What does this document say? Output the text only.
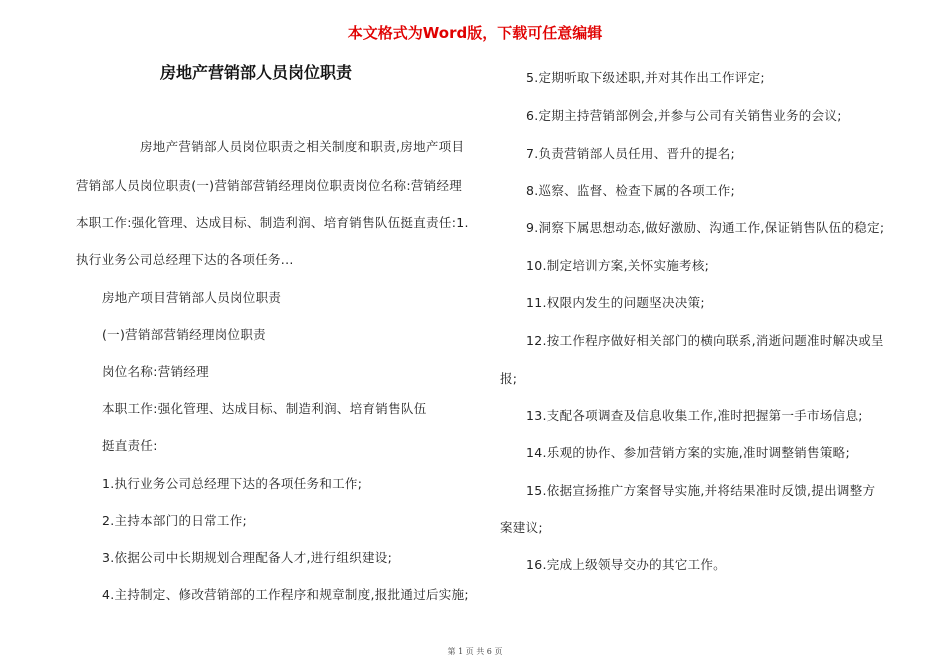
本文格式为Word版，下载可任意编辑
房地产营销部人员岗位职责
房地产营销部人员岗位职责之相关制度和职责,房地产项目
营销部人员岗位职责(一)营销部营销经理岗位职责岗位名称:营销经理
本职工作:强化管理、达成目标、制造利润、培育销售队伍挺直责任:1.
执行业务公司总经理下达的各项任务...
房地产项目营销部人员岗位职责
(一)营销部营销经理岗位职责
岗位名称:营销经理
本职工作:强化管理、达成目标、制造利润、培育销售队伍
挺直责任:
1.执行业务公司总经理下达的各项任务和工作;
2.主持本部门的日常工作;
3.依据公司中长期规划合理配备人才,进行组织建设;
4.主持制定、修改营销部的工作程序和规章制度,报批通过后实施;
5.定期听取下级述职,并对其作出工作评定;
6.定期主持营销部例会,并参与公司有关销售业务的会议;
7.负责营销部人员任用、晋升的提名;
8.巡察、监督、检查下属的各项工作;
9.洞察下属思想动态,做好激励、沟通工作,保证销售队伍的稳定;
10.制定培训方案,关怀实施考核;
11.权限内发生的问题坚决决策;
12.按工作程序做好相关部门的横向联系,消逝问题准时解决或呈
报;
13.支配各项调查及信息收集工作,准时把握第一手市场信息;
14.乐观的协作、参加营销方案的实施,准时调整销售策略;
15.依据宣扬推广方案督导实施,并将结果准时反馈,提出调整方
案建议;
16.完成上级领导交办的其它工作。
第 1 页 共 6 页
